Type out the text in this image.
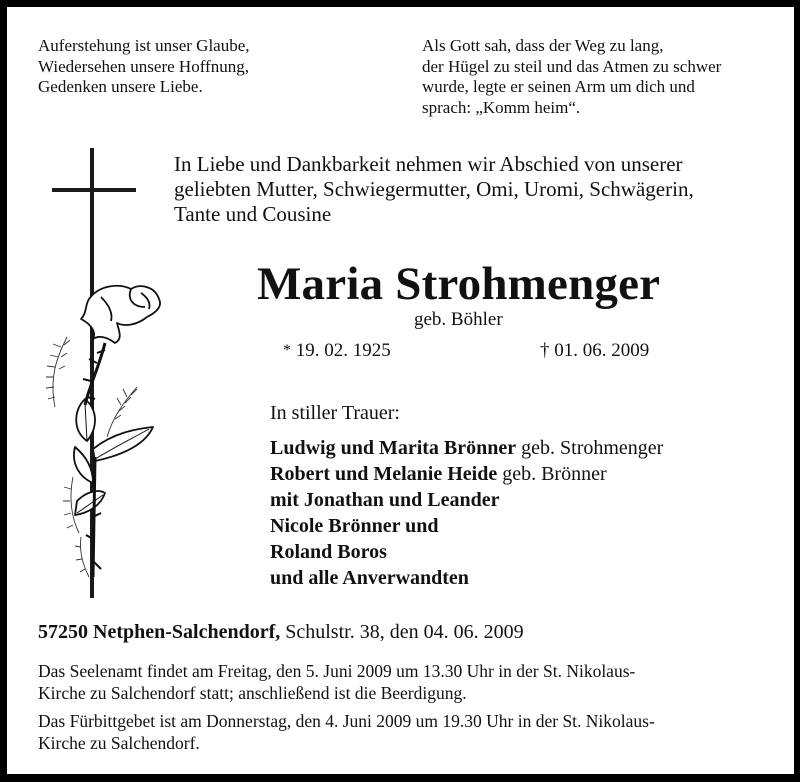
Auferstehung ist unser Glaube,
Wiedersehen unsere Hoffnung,
Gedenken unsere Liebe.
Als Gott sah, dass der Weg zu lang,
der Hügel zu steil und das Atmen zu schwer
wurde, legte er seinen Arm um dich und
sprach: „Komm heim“.
In Liebe und Dankbarkeit nehmen wir Abschied von unserer
geliebten Mutter, Schwiegermutter, Omi, Uromi, Schwägerin,
Tante und Cousine
Maria Strohmenger
geb. Böhler
* 19. 02. 1925	† 01. 06. 2009
In stiller Trauer:
Ludwig und Marita Brönner geb. Strohmenger
Robert und Melanie Heide geb. Brönner
mit Jonathan und Leander
Nicole Brönner und
Roland Boros
und alle Anverwandten
57250 Netphen-Salchendorf, Schulstr. 38, den 04. 06. 2009
Das Seelenamt findet am Freitag, den 5. Juni 2009 um 13.30 Uhr in der St. Nikolaus-
Kirche zu Salchendorf statt; anschließend ist die Beerdigung.
Das Fürbittgebet ist am Donnerstag, den 4. Juni 2009 um 19.30 Uhr in der St. Nikolaus-
Kirche zu Salchendorf.
